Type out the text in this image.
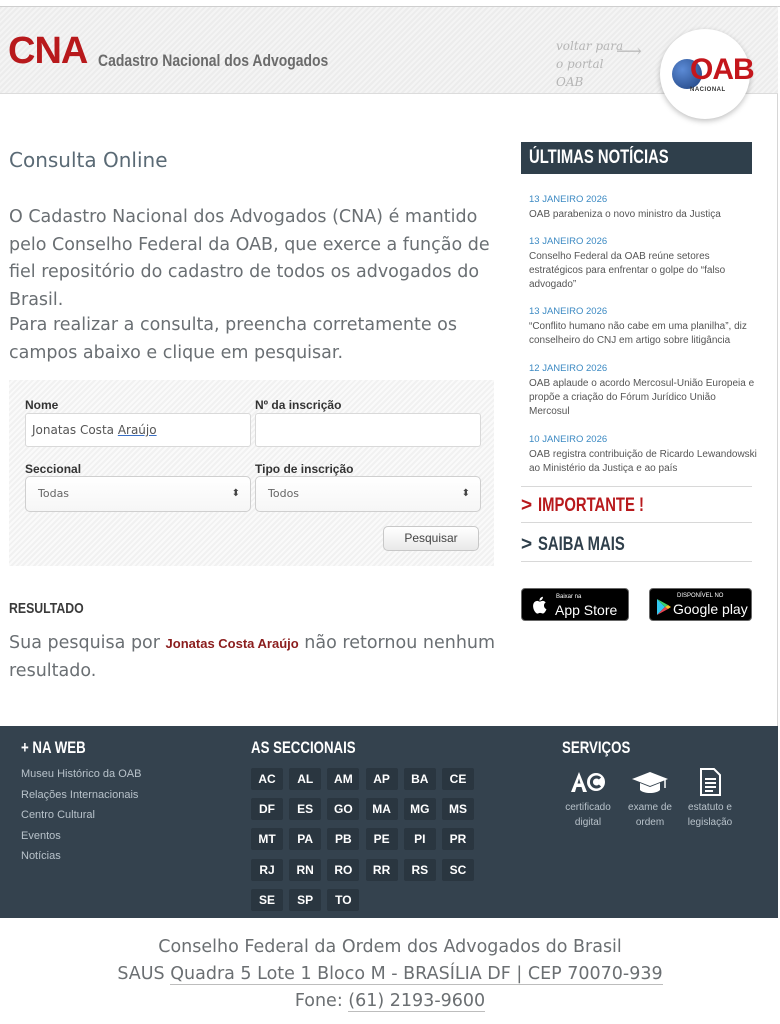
CNA Cadastro Nacional dos Advogados
voltar para o portal OAB
⟶
OAB
NACIONAL
Consulta Online
O Cadastro Nacional dos Advogados (CNA) é mantido pelo Conselho Federal da OAB, que exerce a função de fiel repositório do cadastro de todos os advogados do Brasil.
Para realizar a consulta, preencha corretamente os campos abaixo e clique em pesquisar.
Nome	Nº da inscrição
Jonatas Costa Araújo
Seccional	Tipo de inscrição
Todas	⬍	Todos	⬍
Pesquisar
RESULTADO
Sua pesquisa por Jonatas Costa Araújo não retornou nenhum resultado.
ÚLTIMAS NOTÍCIAS
13 JANEIRO 2026
OAB parabeniza o novo ministro da Justiça
13 JANEIRO 2026
Conselho Federal da OAB reúne setores estratégicos para enfrentar o golpe do “falso advogado”
13 JANEIRO 2026
“Conflito humano não cabe em uma planilha”, diz conselheiro do CNJ em artigo sobre litigância
12 JANEIRO 2026
OAB aplaude o acordo Mercosul-União Europeia e propõe a criação do Fórum Jurídico União Mercosul
10 JANEIRO 2026
OAB registra contribuição de Ricardo Lewandowski ao Ministério da Justiça e ao país
> IMPORTANTE !
> SAIBA MAIS
Baixar na
App Store
DISPONÍVEL NO
Google play
+ NA WEB
Museu Histórico da OAB
Relações Internacionais
Centro Cultural
Eventos
Notícias
AS SECCIONAIS	SERVIÇOS
certificado
digital
exame de
ordem
estatuto e
legislação
AC	AL	AM	AP	BA	CE
DF	ES	GO	MA	MG	MS
MT	PA	PB	PE	PI	PR
RJ	RN	RO	RR	RS	SC
SE	SP	TO
Conselho Federal da Ordem dos Advogados do Brasil
SAUS Quadra 5 Lote 1 Bloco M - BRASÍLIA DF | CEP 70070-939
Fone: (61) 2193-9600
